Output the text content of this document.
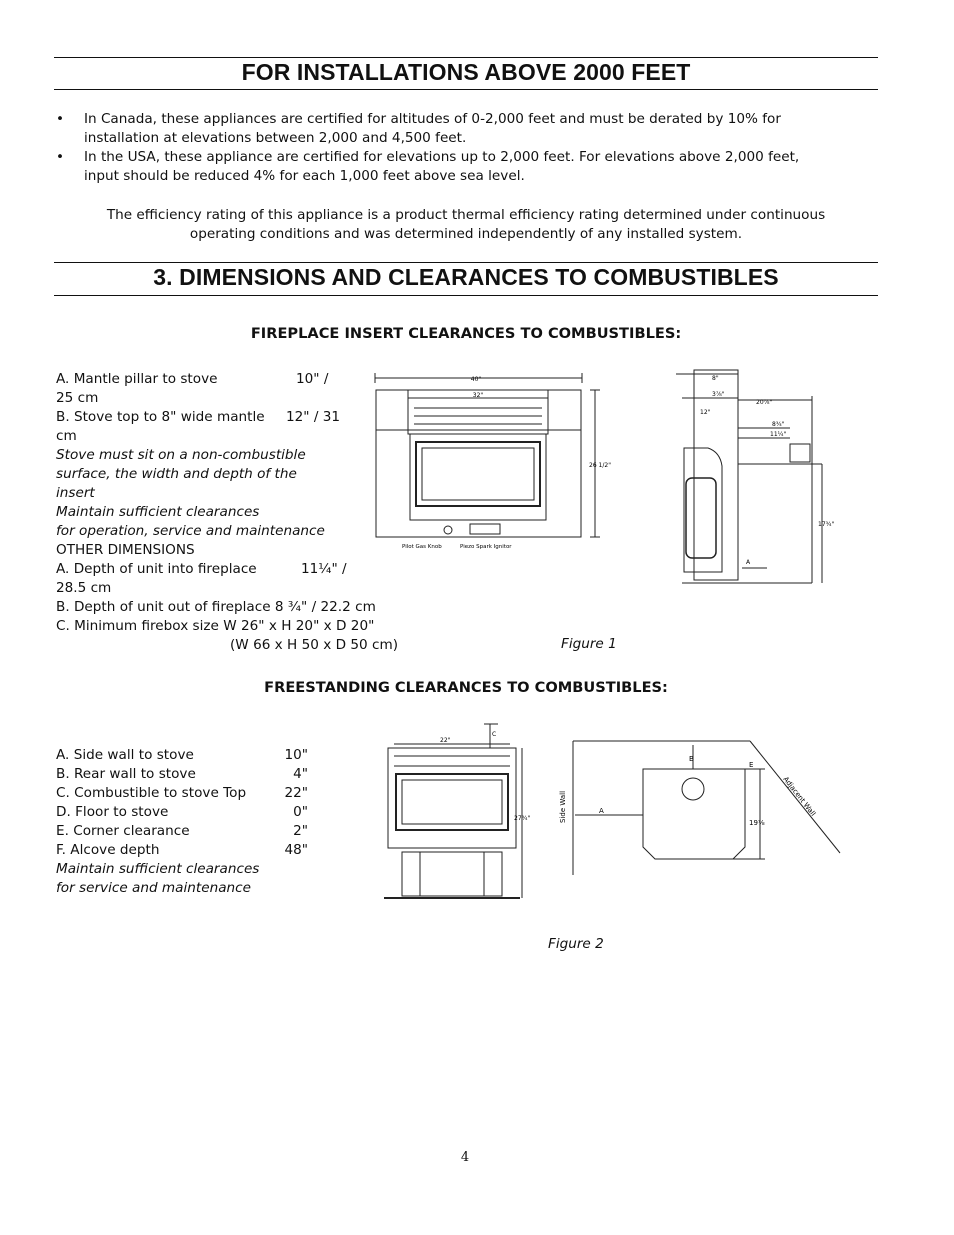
FOR INSTALLATIONS ABOVE 2000 FEET
• In Canada, these appliances are certified for altitudes of 0-2,000 feet and must be derated by 10% for
installation at elevations between 2,000 and 4,500 feet.
• In the USA, these appliance are certified for elevations up to 2,000 feet. For elevations above 2,000 feet,
input should be reduced 4% for each 1,000 feet above sea level.
The efficiency rating of this appliance is a product thermal efficiency rating determined under continuous
operating conditions and was determined independently of any installed system.
3. DIMENSIONS AND CLEARANCES TO COMBUSTIBLES
FIREPLACE INSERT CLEARANCES TO COMBUSTIBLES:
A. Mantle pillar to stove	10" /
25 cm
B. Stove top to 8" wide mantle 12" / 31
cm
Stove must sit on a non-combustible
surface, the width and depth of the
insert
Maintain sufficient clearances
for operation, service and maintenance
OTHER DIMENSIONS
A. Depth of unit into fireplace	11¼" /
28.5 cm
B. Depth of unit out of fireplace 8 ¾" / 22.2 cm
C. Minimum firebox size W 26" x H 20" x D 20"
(W 66 x H 50 x D 50 cm)
40"
32"
26 1/2"
Pilot Gas Knob	Piezo Spark Ignitor
8"
3⅞"
12"
20⅞"
8¾"
11¼"
17¾"
A
Figure 1
FREESTANDING CLEARANCES TO COMBUSTIBLES:
A. Side wall to stove	10"
B. Rear wall to stove	4"
C. Combustible to stove Top	22"
D. Floor to stove	0"
E. Corner clearance	2"
F. Alcove depth	48"
Maintain sufficient clearances
for service and maintenance
22"
C
27¾"	Side Wall	Adjacent Wall
A
B
E
19⅞
Figure 2
4
